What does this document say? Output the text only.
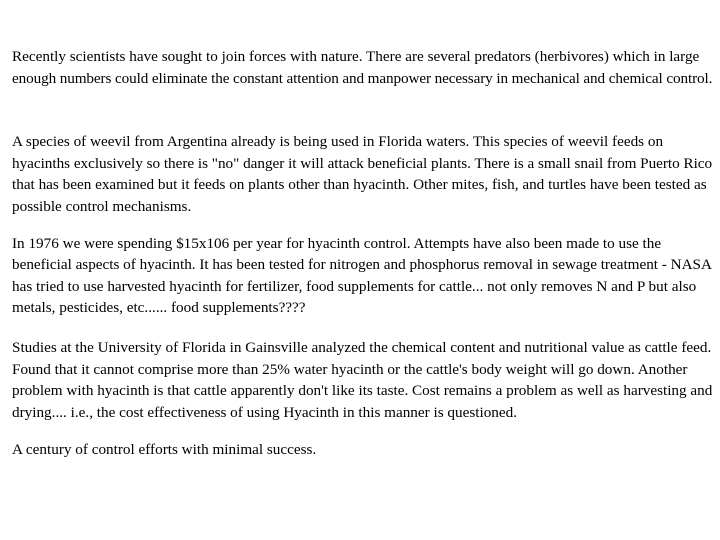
Recently scientists have sought to join forces with nature. There are several predators (herbivores) which in large
enough numbers could eliminate the constant attention and manpower necessary in mechanical and chemical control.

A species of weevil from Argentina already is being used in Florida waters. This species of weevil feeds on
hyacinths exclusively so there is "no" danger it will attack beneficial plants. There is a small snail from Puerto Rico
that has been examined but it feeds on plants other than hyacinth. Other mites, fish, and turtles have been tested as
possible control mechanisms.

In 1976 we were spending $15x106 per year for hyacinth control. Attempts have also been made to use the
beneficial aspects of hyacinth. It has been tested for nitrogen and phosphorus removal in sewage treatment - NASA
has tried to use harvested hyacinth for fertilizer, food supplements for cattle... not only removes N and P but also
metals, pesticides, etc...... food supplements????

Studies at the University of Florida in Gainsville analyzed the chemical content and nutritional value as cattle feed.
Found that it cannot comprise more than 25% water hyacinth or the cattle's body weight will go down. Another
problem with hyacinth is that cattle apparently don't like its taste. Cost remains a problem as well as harvesting and
drying.... i.e., the cost effectiveness of using Hyacinth in this manner is questioned.

A century of control efforts with minimal success.
